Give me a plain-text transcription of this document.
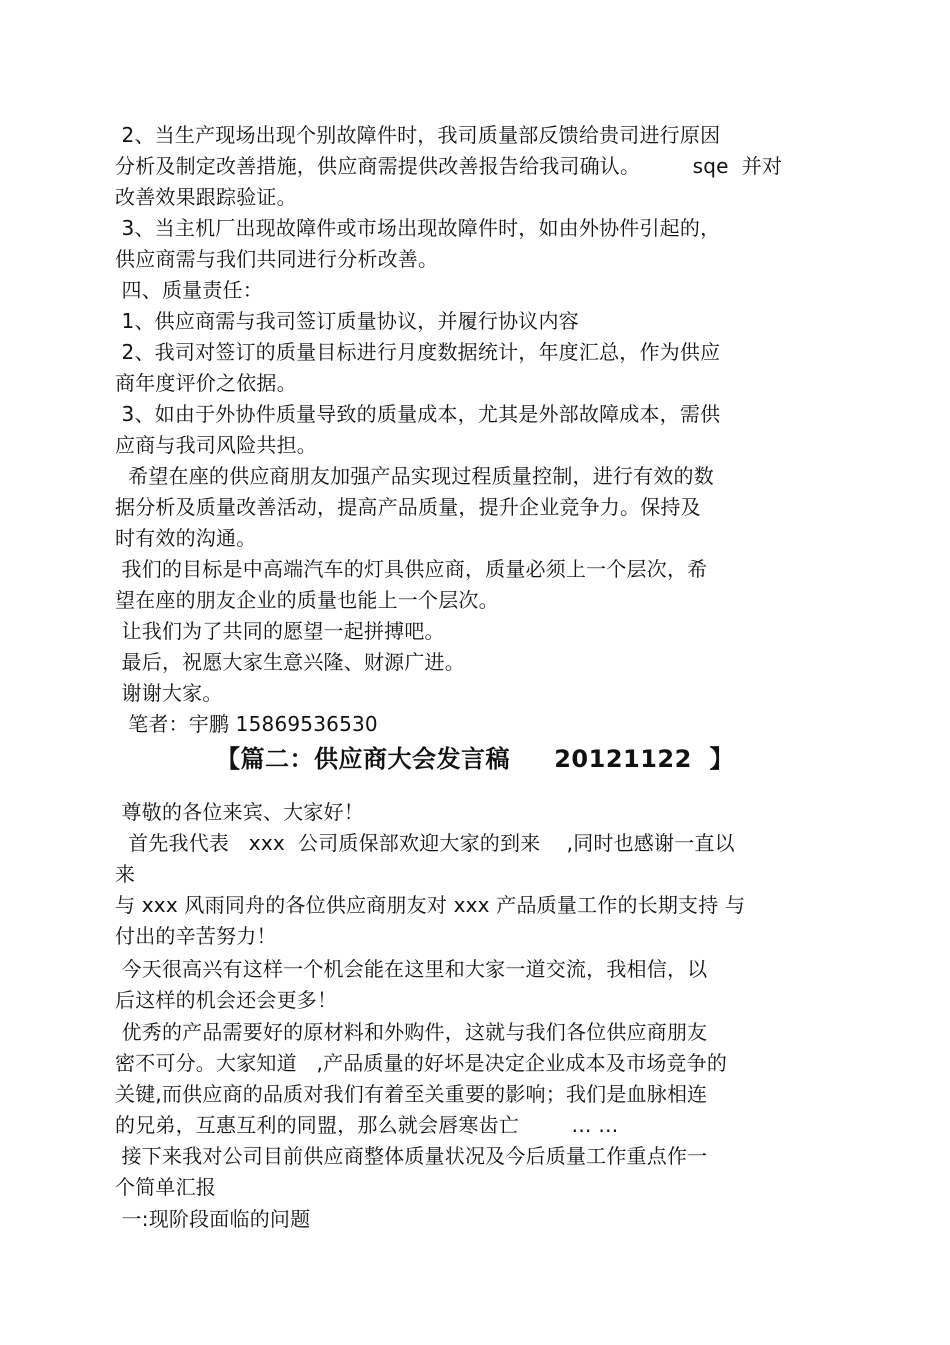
2、当生产现场出现个别故障件时，我司质量部反馈给贵司进行原因

分析及制定改善措施，供应商需提供改善报告给我司确认。        sqe  并对

改善效果跟踪验证。

3、当主机厂出现故障件或市场出现故障件时，如由外协件引起的，

供应商需与我们共同进行分析改善。

四、质量责任：

1、供应商需与我司签订质量协议，并履行协议内容

2、我司对签订的质量目标进行月度数据统计，年度汇总，作为供应

商年度评价之依据。

3、如由于外协件质量导致的质量成本，尤其是外部故障成本，需供

应商与我司风险共担。

希望在座的供应商朋友加强产品实现过程质量控制，进行有效的数

据分析及质量改善活动，提高产品质量，提升企业竞争力。保持及

时有效的沟通。

我们的目标是中高端汽车的灯具供应商，质量必须上一个层次，希

望在座的朋友企业的质量也能上一个层次。

让我们为了共同的愿望一起拼搏吧。

最后，祝愿大家生意兴隆、财源广进。

谢谢大家。

笔者：宇鹏 15869536530

【篇二：供应商大会发言稿     20121122  】

尊敬的各位来宾、大家好！

首先我代表   xxx  公司质保部欢迎大家的到来    ,同时也感谢一直以

来

与 xxx 风雨同舟的各位供应商朋友对 xxx 产品质量工作的长期支持 与

付出的辛苦努力！

今天很高兴有这样一个机会能在这里和大家一道交流，我相信，以

后这样的机会还会更多！

优秀的产品需要好的原材料和外购件，这就与我们各位供应商朋友

密不可分。大家知道   ,产品质量的好坏是决定企业成本及市场竞争的

关键,而供应商的品质对我们有着至关重要的影响；我们是血脉相连

的兄弟，互惠互利的同盟，那么就会唇寒齿亡        … …

接下来我对公司目前供应商整体质量状况及今后质量工作重点作一

个简单汇报

一:现阶段面临的问题
